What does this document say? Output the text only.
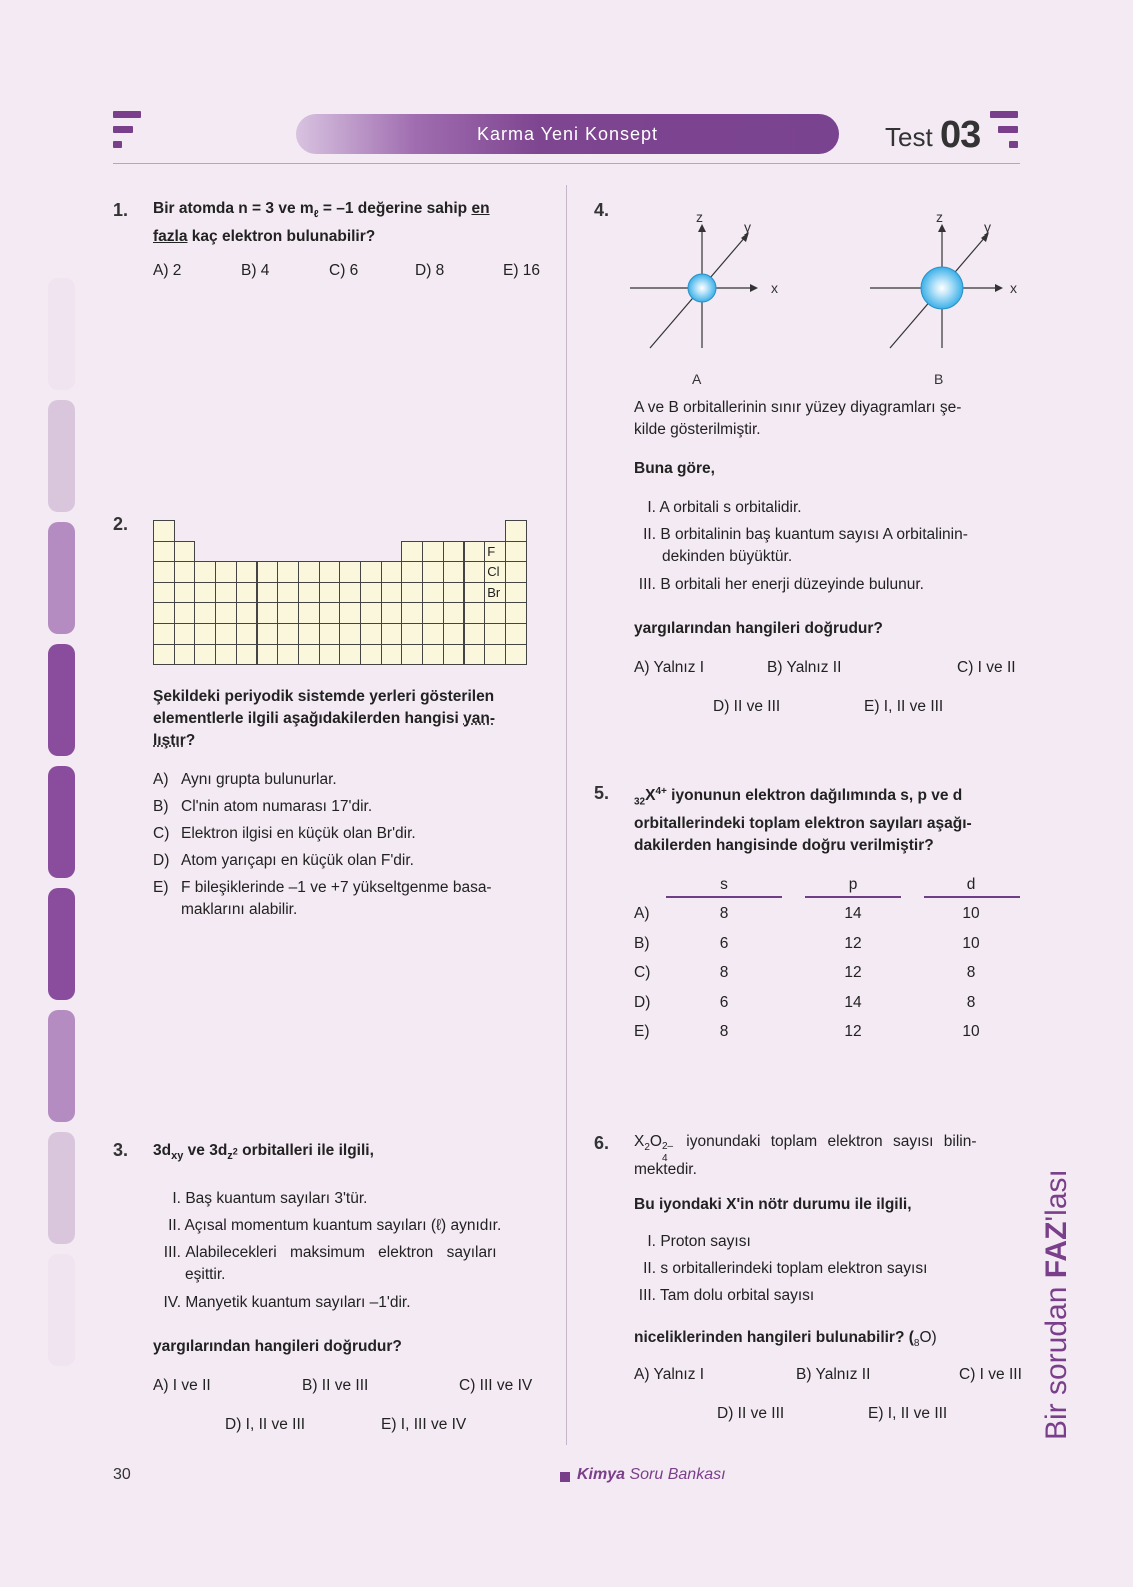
Karma Yeni Konsept	Test 03
1. Bir atomda n = 3 ve $m_\ell = -1$ değerine sahip en
fazla kaç elektron bulunabilir?
A) 2	B) 4	C) 6	D) 8	E) 16
2.
F
Cl
Br
Şekildeki periyodik sistemde yerleri gösterilen elementlerle ilgili aşağıdakilerden hangisi yan-
lıştır?
A) Aynı grupta bulunurlar.
B) Cl'nin atom numarası 17'dir.
C) Elektron ilgisi en küçük olan Br'dir.
D) Atom yarıçapı en küçük olan F'dir.
E) F bileşiklerinde –1 ve +7 yükseltgenme basa-
maklarını alabilir.
3. $3d_{xy}$ ve $3d_{z^2}$ orbitalleri ile ilgili,
I. Baş kuantum sayıları 3'tür.
II. Açısal momentum kuantum sayıları (ℓ) aynıdır.
III. Alabilecekleri maksimum elektron sayıları
eşittir.
IV. Manyetik kuantum sayıları –1'dir.
yargılarından hangileri doğrudur?
A) I ve II	B) II ve III	C) III ve IV
D) I, II ve III	E) I, III ve IV
4.	z
y
x
A
z
y
x
B
A ve B orbitallerinin sınır yüzey diyagramları şe-
kilde gösterilmiştir.
Buna göre,
I. A orbitali s orbitalidir.
II. B orbitalinin baş kuantum sayısı A orbitalinin-
dekinden büyüktür.
III. B orbitali her enerji düzeyinde bulunur.
yargılarından hangileri doğrudur?
A) Yalnız I	B) Yalnız II	C) I ve II
D) II ve III	E) I, II ve III
5. $_{32}X^{4+}$ iyonunun elektron dağılımında s, p ve d
orbitallerindeki toplam elektron sayıları aşağı-
dakilerden hangisinde doğru verilmiştir?
s	p	d
A)	8	14	10
B)	6	12	10
C)	8	12	8
D)	6	14	8
E)	8	12	10
6. $X_2O$ 2–
4
iyonundaki toplam elektron sayısı bilin-
mektedir.
Bu iyondaki X'in nötr durumu ile ilgili,
I. Proton sayısı
II. s orbitallerindeki toplam elektron sayısı
III. Tam dolu orbital sayısı
niceliklerinden hangileri bulunabilir? $(_8O)$
A) Yalnız I	B) Yalnız II	C) I ve III
D) II ve III	E) I, II ve III	Bir sorudan FAZ'lası
30	Kimya Soru Bankası
